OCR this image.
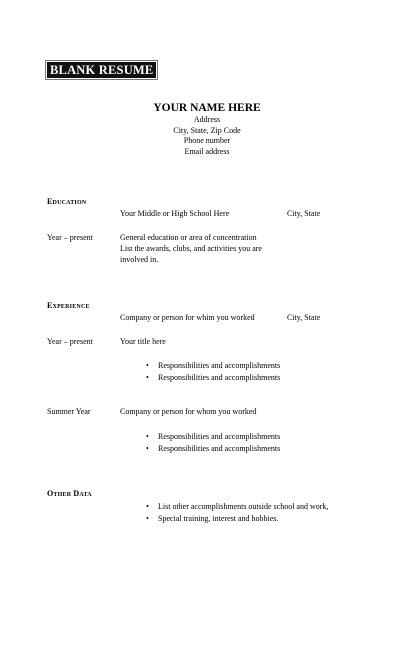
BLANK RESUME
YOUR NAME HERE
Address
City, State, Zip Code
Phone number
Email address
Education
Your Middle or High School Here	City, State
Year – present	General education or area of concentration
List the awards, clubs, and activities you are
involved in.
Experience
Company or person for whim you worked	City, State
Year – present	Your title here
• Responsibilities and accomplishments
• Responsibilities and accomplishments
Summer Year	Company or person for whom you worked
• Responsibilities and accomplishments
• Responsibilities and accomplishments
Other Data
• List other accomplishments outside school and work,
• Special training, interest and hobbies.
